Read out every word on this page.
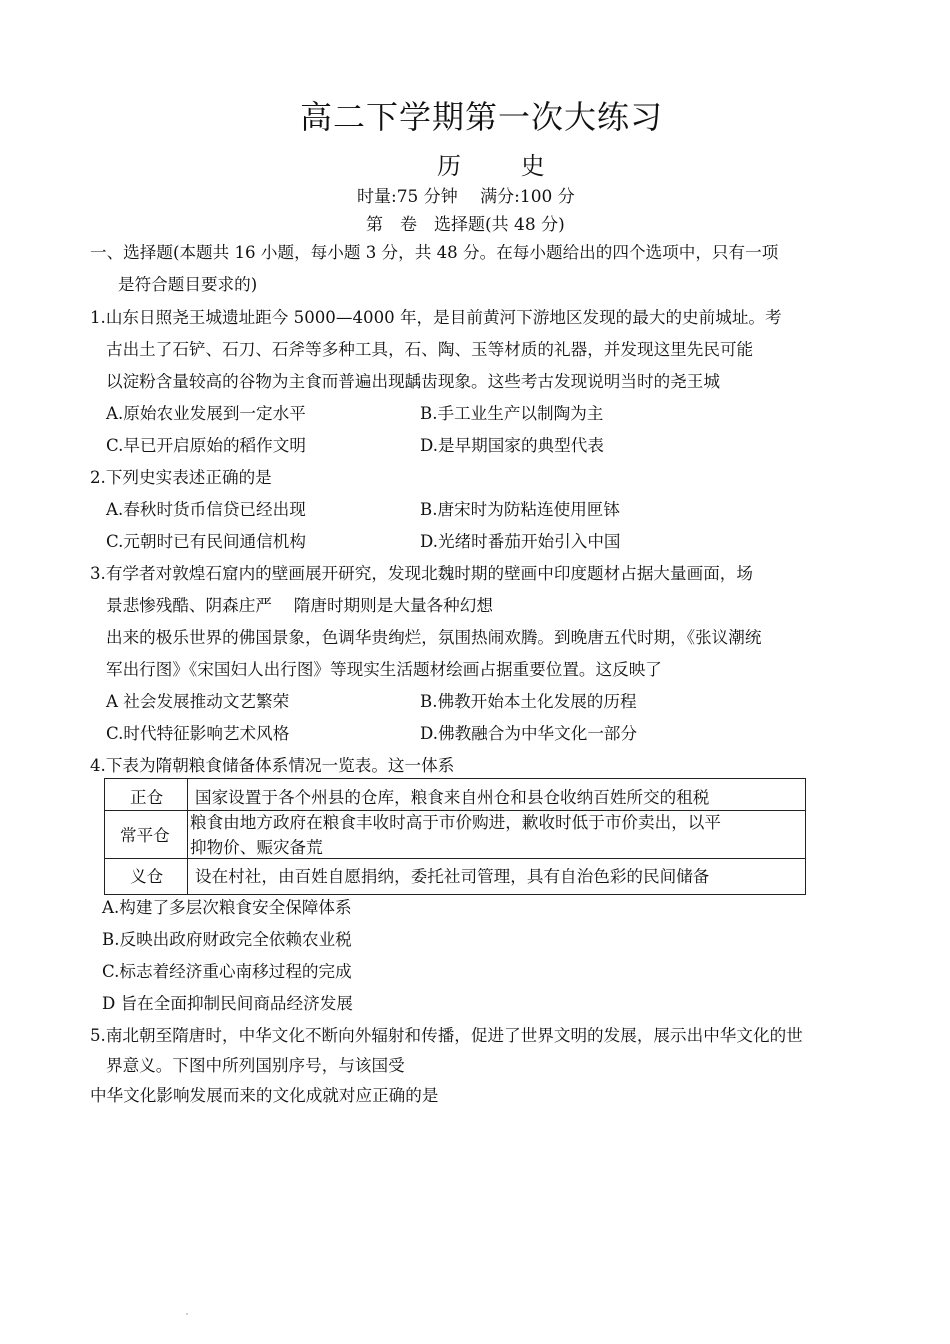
高二下学期第一次大练习
历 史
时量:75 分钟　 满分:100 分
第　卷　选择题(共 48 分)
一、选择题(本题共 16 小题，每小题 3 分，共 48 分。在每小题给出的四个选项中，只有一项
是符合题目要求的)
1.山东日照尧王城遗址距今 5000—4000 年，是目前黄河下游地区发现的最大的史前城址。考
古出土了石铲、石刀、石斧等多种工具，石、陶、玉等材质的礼器，并发现这里先民可能
以淀粉含量较高的谷物为主食而普遍出现龋齿现象。这些考古发现说明当时的尧王城
A.原始农业发展到一定水平	B.手工业生产以制陶为主
C.早已开启原始的稻作文明	D.是早期国家的典型代表
2.下列史实表述正确的是
A.春秋时货币信贷已经出现	B.唐宋时为防粘连使用匣钵
C.元朝时已有民间通信机构	D.光绪时番茄开始引入中国
3.有学者对敦煌石窟内的壁画展开研究，发现北魏时期的壁画中印度题材占据大量画面，场
景悲惨残酷、阴森庄严　 隋唐时期则是大量各种幻想
出来的极乐世界的佛国景象，色调华贵绚烂，氛围热闹欢腾。到晚唐五代时期，《张议潮统
军出行图》《宋国妇人出行图》等现实生活题材绘画占据重要位置。这反映了
A 社会发展推动文艺繁荣	B.佛教开始本土化发展的历程
C.时代特征影响艺术风格	D.佛教融合为中华文化一部分
4.下表为隋朝粮食储备体系情况一览表。这一体系
正仓 国家设置于各个州县的仓库，粮食来自州仓和县仓收纳百姓所交的租税
常平仓
粮食由地方政府在粮食丰收时高于市价购进，歉收时低于市价卖出，以平
抑物价、赈灾备荒
义仓 设在村社，由百姓自愿捐纳，委托社司管理，具有自治色彩的民间储备
A.构建了多层次粮食安全保障体系
B.反映出政府财政完全依赖农业税
C.标志着经济重心南移过程的完成
D 旨在全面抑制民间商品经济发展
5.南北朝至隋唐时，中华文化不断向外辐射和传播，促进了世界文明的发展，展示出中华文化的世
界意义。下图中所列国别序号，与该国受
中华文化影响发展而来的文化成就对应正确的是
